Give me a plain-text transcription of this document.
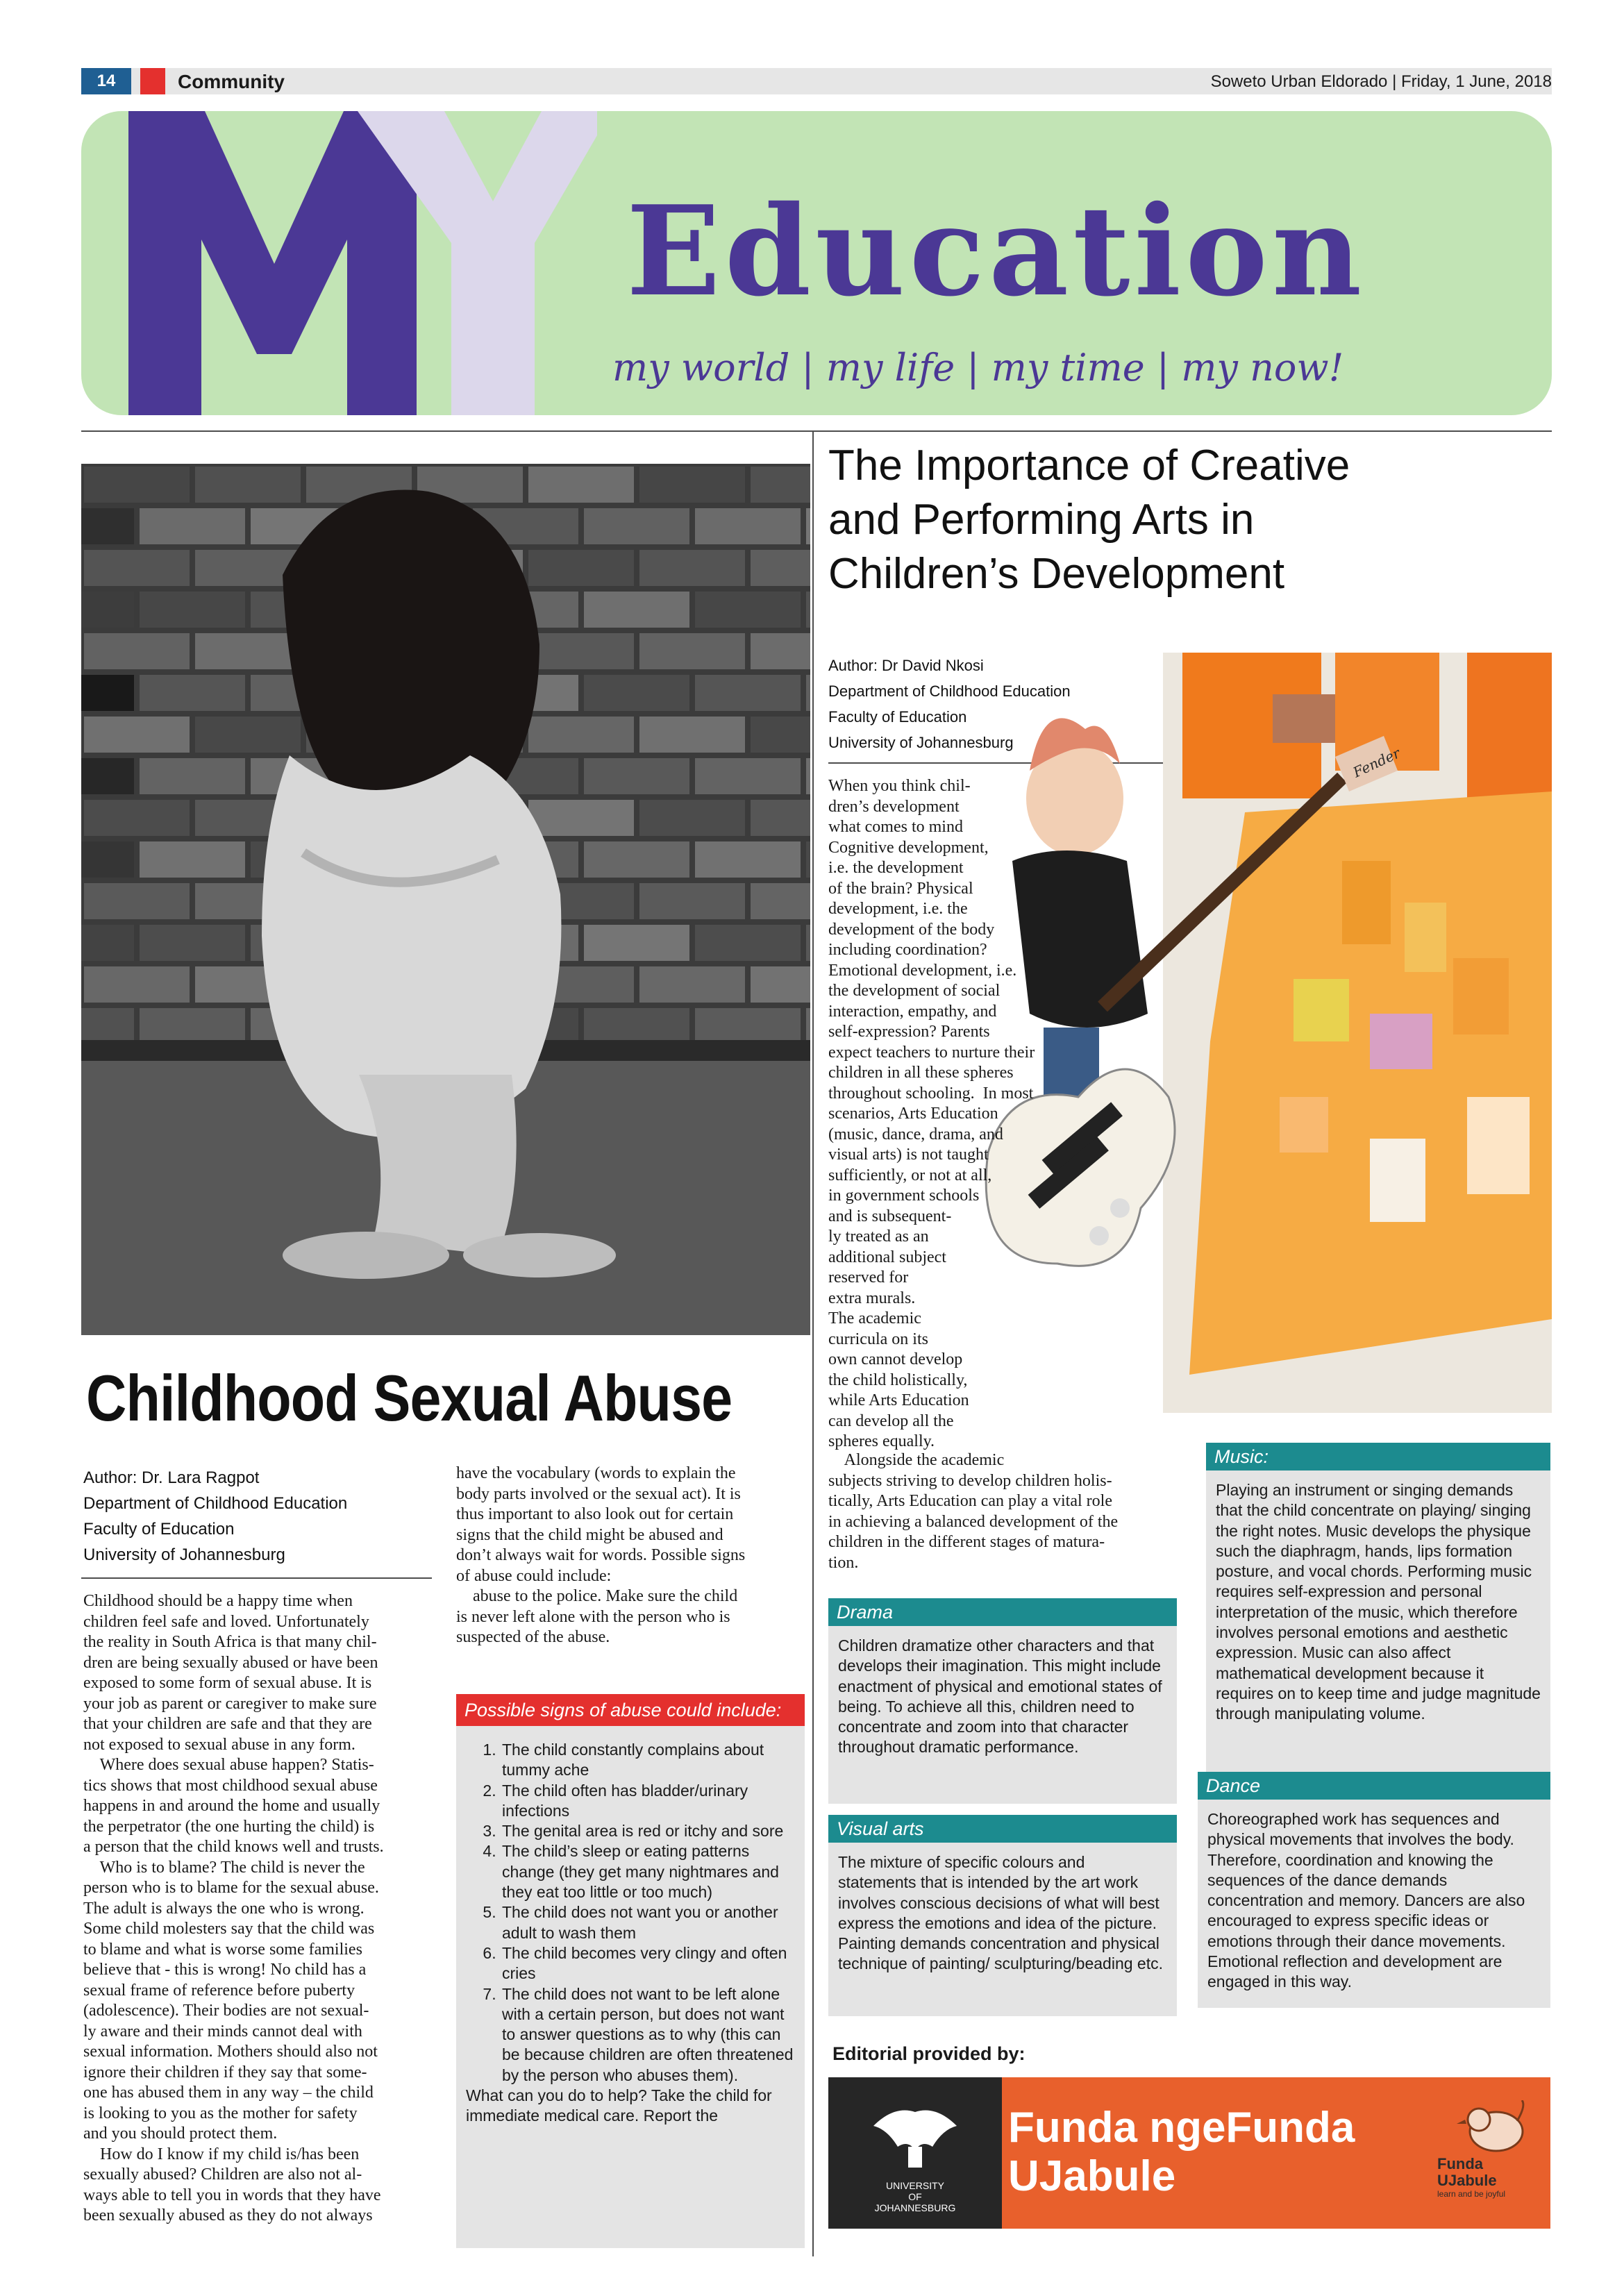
14	Community	Soweto Urban Eldorado | Friday, 1 June, 2018
Education
my world | my life | my time | my now!
The Importance of Creative
and Performing Arts in
Children’s Development
Author: Dr David Nkosi
Department of Childhood Education
Faculty of Education
University of Johannesburg
Fender
When you think chil-
dren’s development
what comes to mind
Cognitive development,
i.e. the development
of the brain? Physical
development, i.e. the
development of the body
including coordination?
Emotional development, i.e.
the development of social
interaction, empathy, and
self-expression? Parents
expect teachers to nurture their
children in all these spheres
throughout schooling.  In most
scenarios, Arts Education
(music, dance, drama, and
visual arts) is not taught
sufficiently, or not at all,
in government schools
and is subsequent-
ly treated as an
additional subject
reserved for
extra murals.
The academic
curricula on its
own cannot develop
the child holistically,
while Arts Education
can develop all the
spheres equally.
Alongside the academic
subjects striving to develop children holis-
tically, Arts Education can play a vital role
in achieving a balanced development of the
children in the different stages of matura-
tion.
Music:
Playing an instrument or singing demands that the child concentrate on playing/ singing the right notes. Music develops the physique such the diaphragm, hands, lips formation posture, and vocal chords. Performing music requires self-expression and personal interpretation of the music, which therefore involves personal emotions and aesthetic expression. Music can also affect mathematical development because it requires on to keep time and judge magnitude through manipulating volume.
Drama
Children dramatize other characters and that develops their imagination. This might include enactment of physical and emotional states of being. To achieve all this, children need to concentrate and zoom into that character throughout dramatic performance.
Visual arts
The mixture of specific colours and statements that is intended by the art work involves conscious decisions of what will best express the emotions and idea of the picture. Painting demands concentration and physical technique of painting/ sculpturing/beading etc.
Dance
Choreographed work has sequences and physical movements that involves the body. Therefore, coordination and knowing the sequences of the dance demands concentration and memory. Dancers are also encouraged to express specific ideas or emotions through their dance movements. Emotional reflection and development are engaged in this way.
Childhood Sexual Abuse
Author: Dr. Lara Ragpot
Department of Childhood Education
Faculty of Education
University of Johannesburg
Childhood should be a happy time when
children feel safe and loved. Unfortunately
the reality in South Africa is that many chil-
dren are being sexually abused or have been
exposed to some form of sexual abuse. It is
your job as parent or caregiver to make sure
that your children are safe and that they are
not exposed to sexual abuse in any form.
Where does sexual abuse happen? Statis-
tics shows that most childhood sexual abuse
happens in and around the home and usually
the perpetrator (the one hurting the child) is
a person that the child knows well and trusts.
Who is to blame? The child is never the
person who is to blame for the sexual abuse.
The adult is always the one who is wrong.
Some child molesters say that the child was
to blame and what is worse some families
believe that - this is wrong! No child has a
sexual frame of reference before puberty
(adolescence). Their bodies are not sexual-
ly aware and their minds cannot deal with
sexual information. Mothers should also not
ignore their children if they say that some-
one has abused them in any way – the child
is looking to you as the mother for safety
and you should protect them.
How do I know if my child is/has been
sexually abused? Children are also not al-
ways able to tell you in words that they have
been sexually abused as they do not always
have the vocabulary (words to explain the
body parts involved or the sexual act). It is
thus important to also look out for certain
signs that the child might be abused and
don’t always wait for words. Possible signs
of abuse could include:
abuse to the police. Make sure the child
is never left alone with the person who is
suspected of the abuse.
Possible signs of abuse could include:
1. The child constantly complains about tummy ache
2. The child often has bladder/urinary infections
3. The genital area is red or itchy and sore
4. The child’s sleep or eating patterns change (they get many nightmares and they eat too little or too much)
5. The child does not want you or another adult to wash them
6. The child becomes very clingy and often cries
7. The child does not want to be left alone with a certain person, but does not want to answer questions as to why (this can be because children are often threatened by the person who abuses them).
What can you do to help? Take the child for immediate medical care. Report the
Editorial provided by:
UNIVERSITY
OF
JOHANNESBURG
Funda ngeFunda
UJabule	Funda
UJabule
learn and be joyful
